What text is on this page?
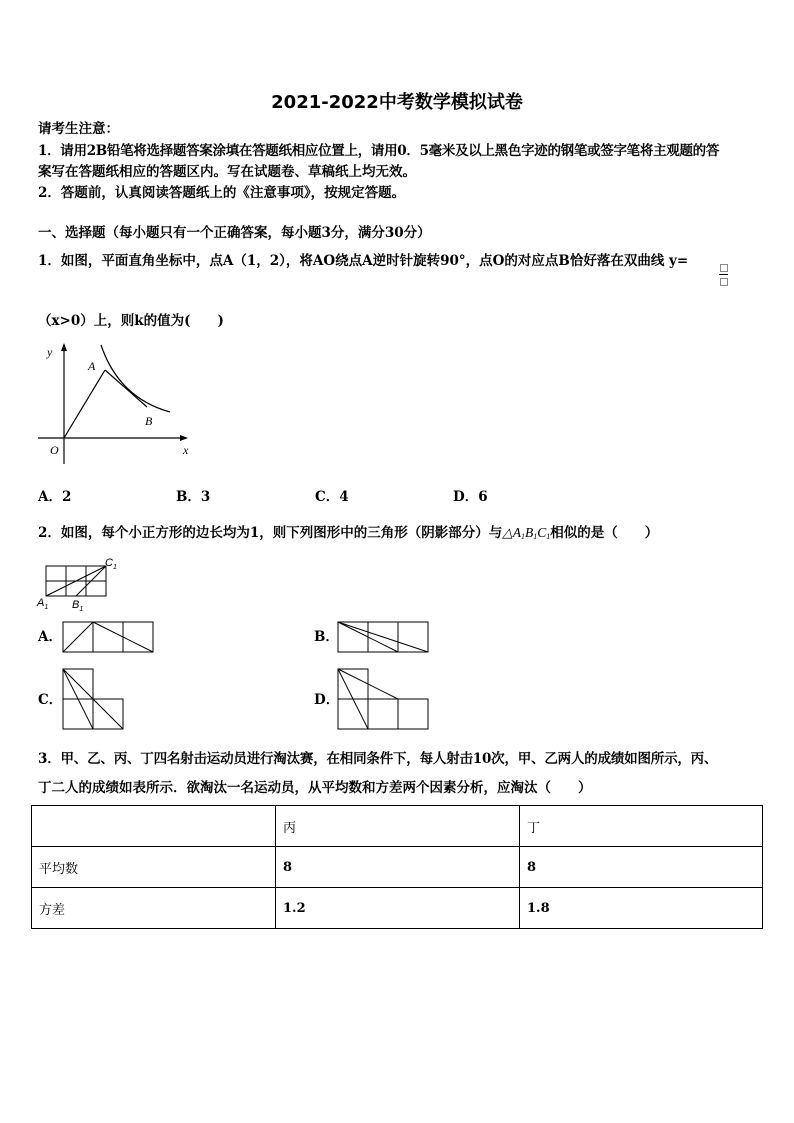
2021-2022中考数学模拟试卷
请考生注意：
1．请用2B铅笔将选择题答案涂填在答题纸相应位置上，请用0．5毫米及以上黑色字迹的钢笔或签字笔将主观题的答
案写在答题纸相应的答题区内。写在试题卷、草稿纸上均无效。
2．答题前，认真阅读答题纸上的《注意事项》，按规定答题。
一、选择题（每小题只有一个正确答案，每小题3分，满分30分）
1．如图，平面直角坐标中，点A（1，2），将AO绕点A逆时针旋转90°，点O的对应点B恰好落在双曲线 y=
（x>0）上，则k的值为(　　)
y
A
B
O	x
A．2	B．3	C．4	D．6
2．如图，每个小正方形的边长均为1，则下列图形中的三角形（阴影部分）与$\triangle A_1B_1C_1$相似的是（　　）
$C_1$
$A_1$ $B_1$
A．	B．
C．	D．
3．甲、乙、丙、丁四名射击运动员进行淘汰赛，在相同条件下，每人射击10次，甲、乙两人的成绩如图所示，丙、
丁二人的成绩如表所示．欲淘汰一名运动员，从平均数和方差两个因素分析，应淘汰（　　）
	丙	丁
平均数	8	8
方差	1.2	1.8
